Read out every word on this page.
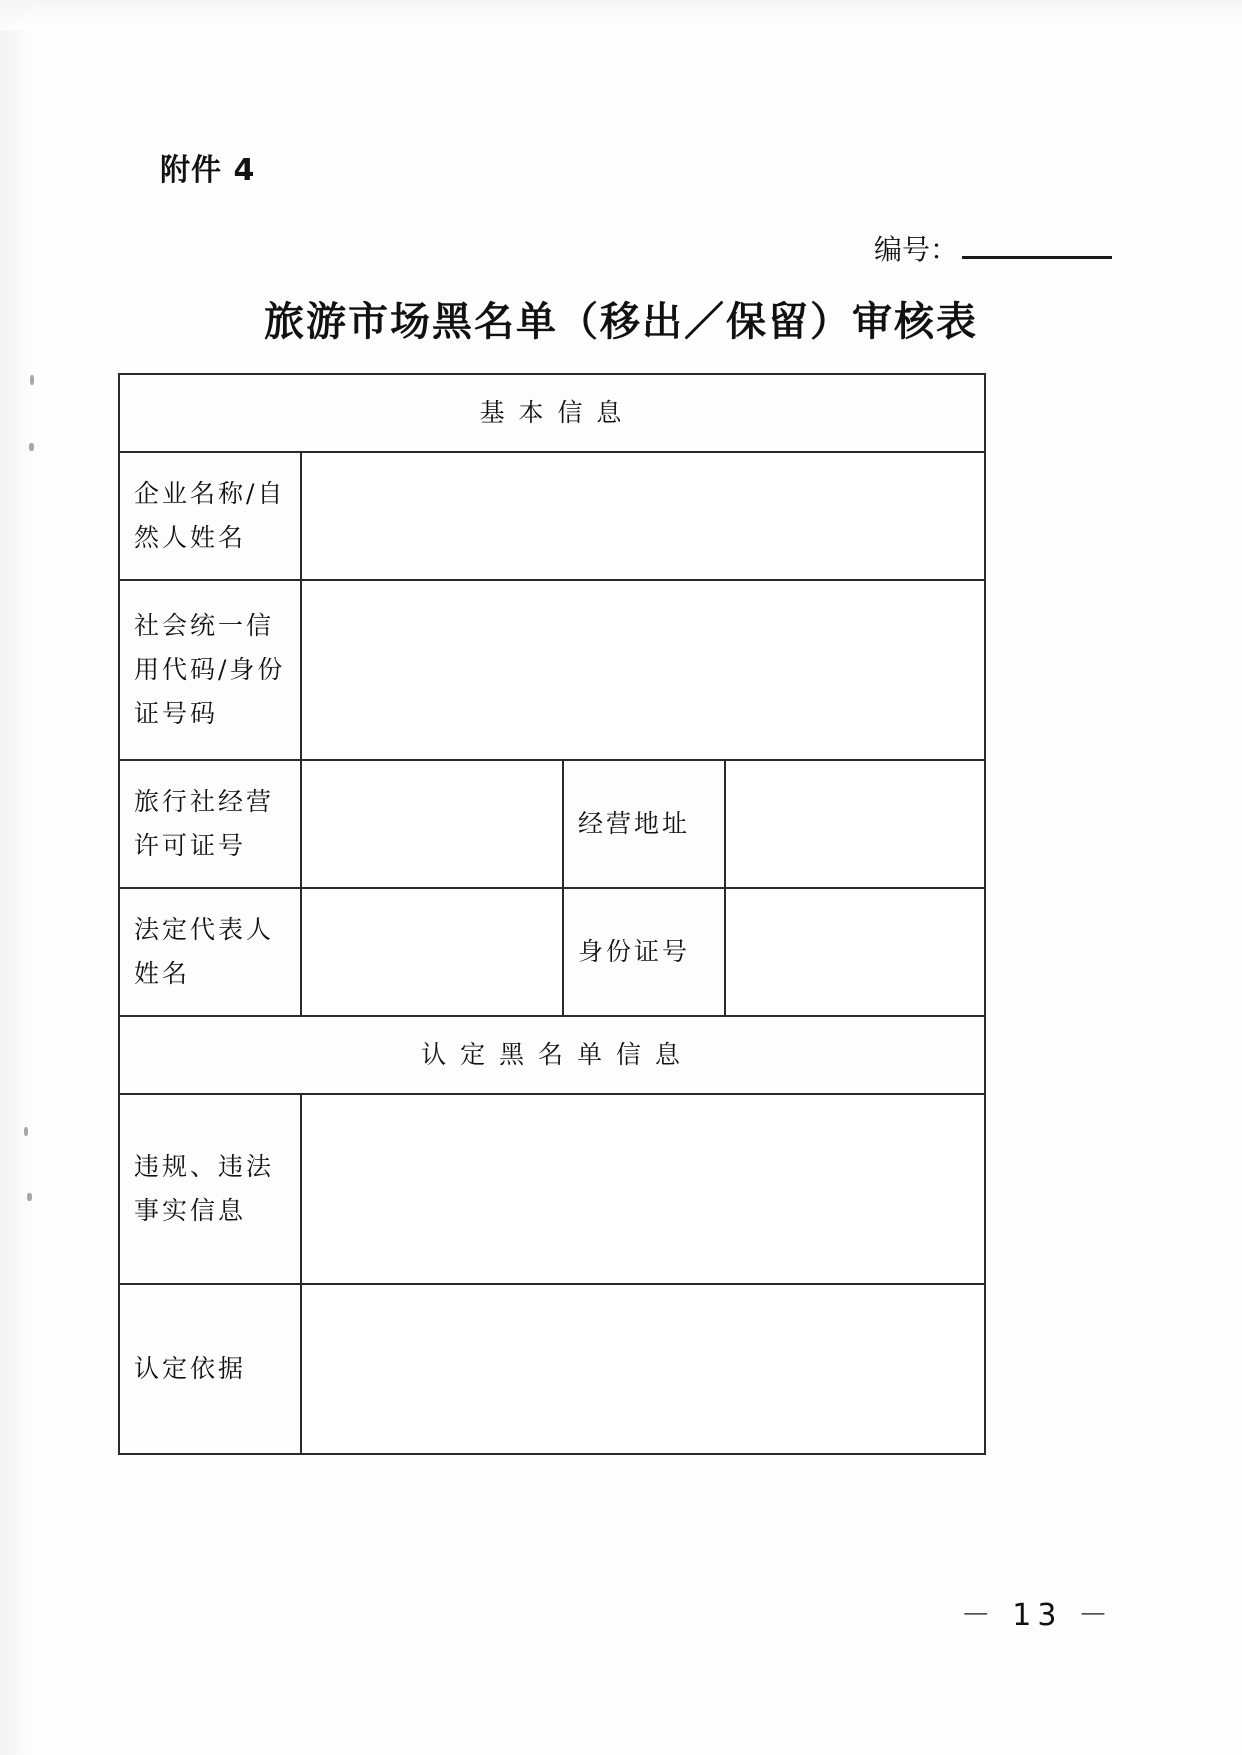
附件 4
编号：
旅游市场黑名单（移出／保留）审核表
基 本 信 息			
企业名称/自然人姓名			
社会统一信用代码/身份证号码			
旅行社经营许可证号		经营地址	
法定代表人姓名		身份证号	
认 定 黑 名 单 信 息			
违规、违法事实信息			
认定依据			
－ 13 －
